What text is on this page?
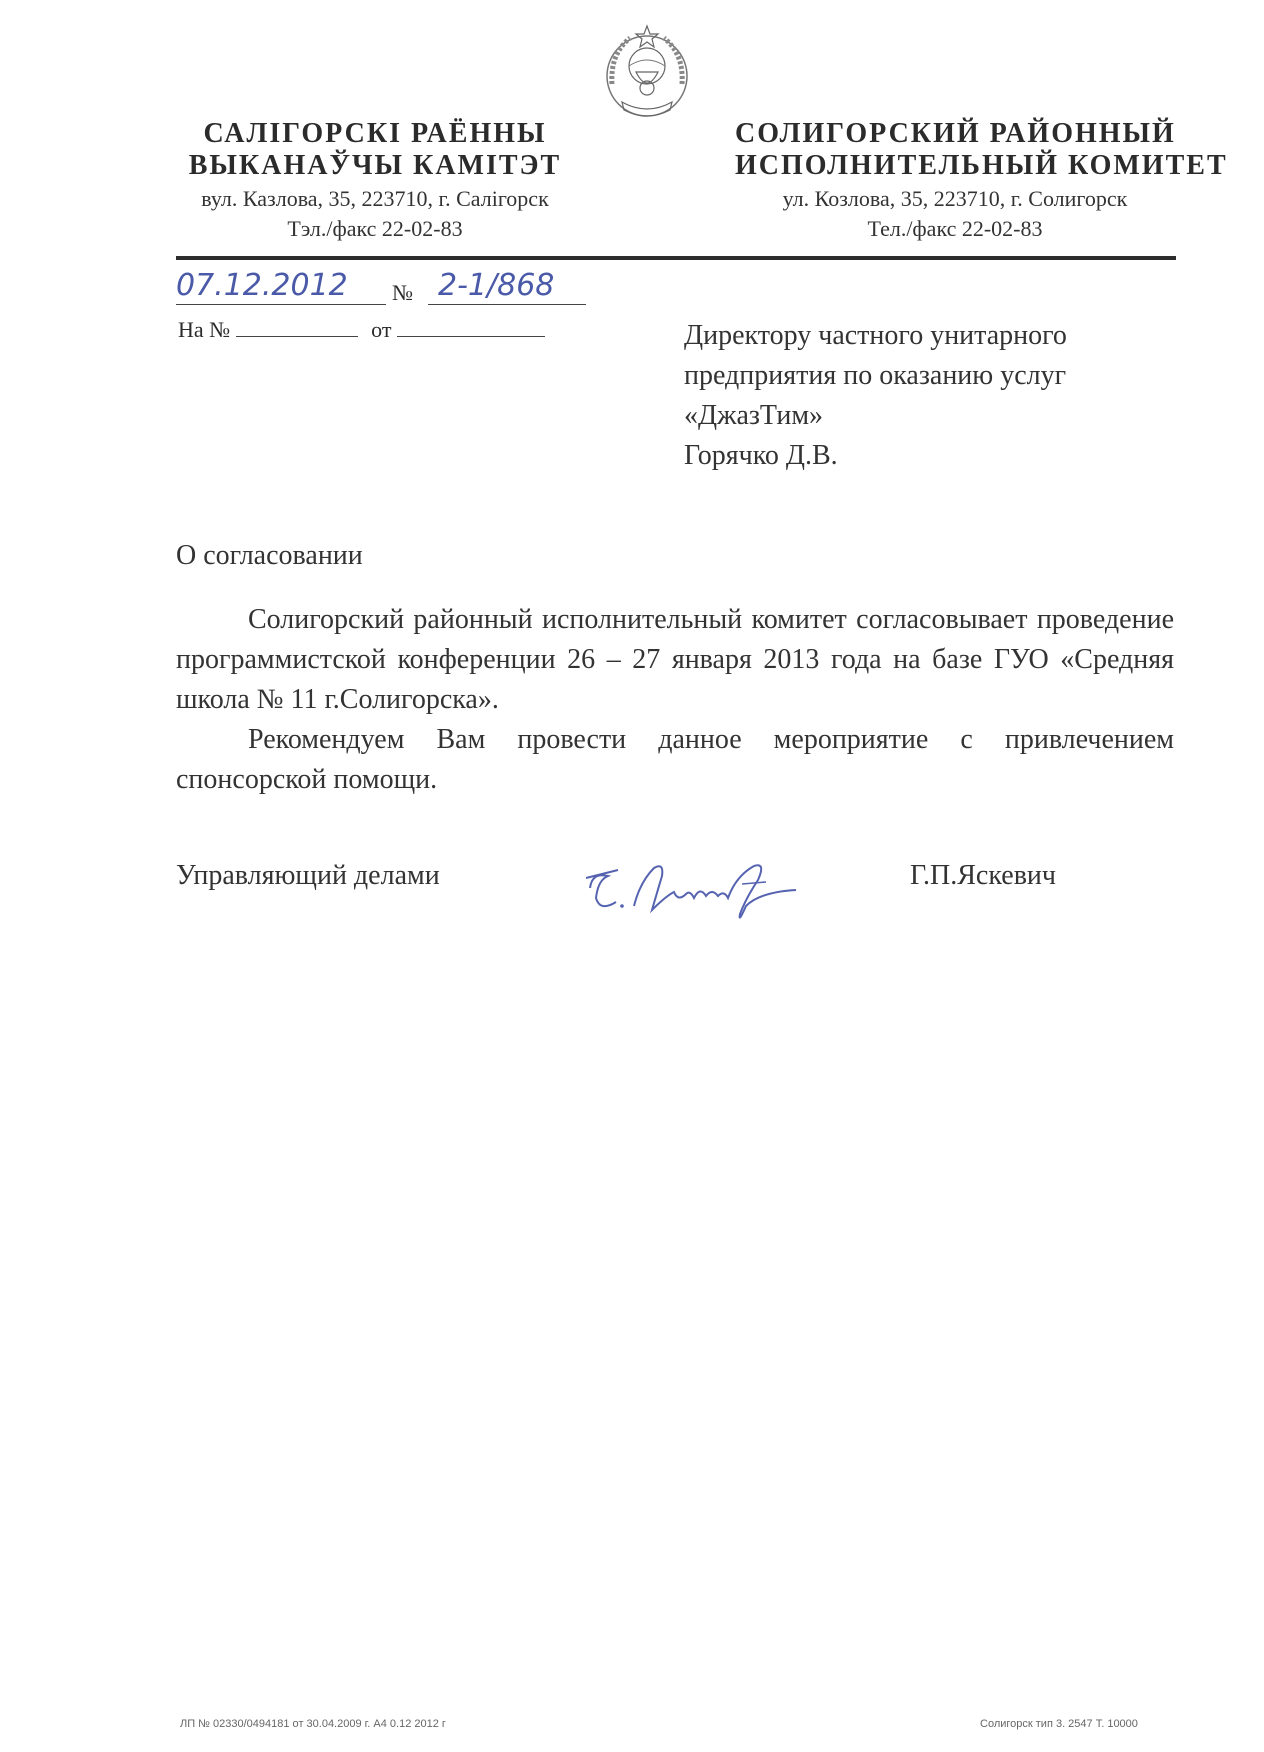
САЛІГОРСКІ РАЁННЫ
ВЫКАНАЎЧЫ КАМІТЭТ
вул. Казлова, 35, 223710, г. Салігорск
Тэл./факс 22-02-83
СОЛИГОРСКИЙ РАЙОННЫЙ
ИСПОЛНИТЕЛЬНЫЙ КОМИТЕТ
ул. Козлова, 35, 223710, г. Солигорск
Тел./факс 22-02-83
07.12.2012	№ 2-1/868
На №	от	Директору частного унитарного
предприятия по оказанию услуг
«ДжазТим»
Горячко Д.В.
О согласовании

Солигорский районный исполнительный комитет согласовывает проведение программистской конференции 26 – 27 января 2013 года на базе ГУО «Средняя школа № 11 г.Солигорска».

Рекомендуем Вам провести данное мероприятие с привлечением спонсорской помощи.

Управляющий делами	Г.П.Яскевич
ЛП № 02330/0494181 от 30.04.2009 г. А4 0.12 2012 г	Солигорск тип 3. 2547 Т. 10000
